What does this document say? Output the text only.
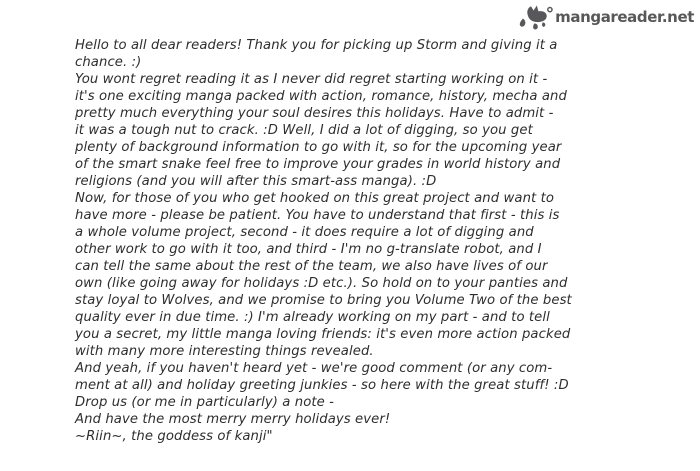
mangareader.net
Hello to all dear readers! Thank you for picking up Storm and giving it a
chance. :)
You wont regret reading it as I never did regret starting working on it -
it's one exciting manga packed with action, romance, history, mecha and
pretty much everything your soul desires this holidays. Have to admit -
it was a tough nut to crack. :D Well, I did a lot of digging, so you get
plenty of background information to go with it, so for the upcoming year
of the smart snake feel free to improve your grades in world history and
religions (and you will after this smart-ass manga). :D
Now, for those of you who get hooked on this great project and want to
have more - please be patient. You have to understand that first - this is
a whole volume project, second - it does require a lot of digging and
other work to go with it too, and third - I'm no g-translate robot, and I
can tell the same about the rest of the team, we also have lives of our
own (like going away for holidays :D etc.). So hold on to your panties and
stay loyal to Wolves, and we promise to bring you Volume Two of the best
quality ever in due time. :) I'm already working on my part - and to tell
you a secret, my little manga loving friends: it's even more action packed
with many more interesting things revealed.
And yeah, if you haven't heard yet - we're good comment (or any com-
ment at all) and holiday greeting junkies - so here with the great stuff! :D
Drop us (or me in particularly) a note -
And have the most merry merry holidays ever!
~Riin~, the goddess of kanji"
